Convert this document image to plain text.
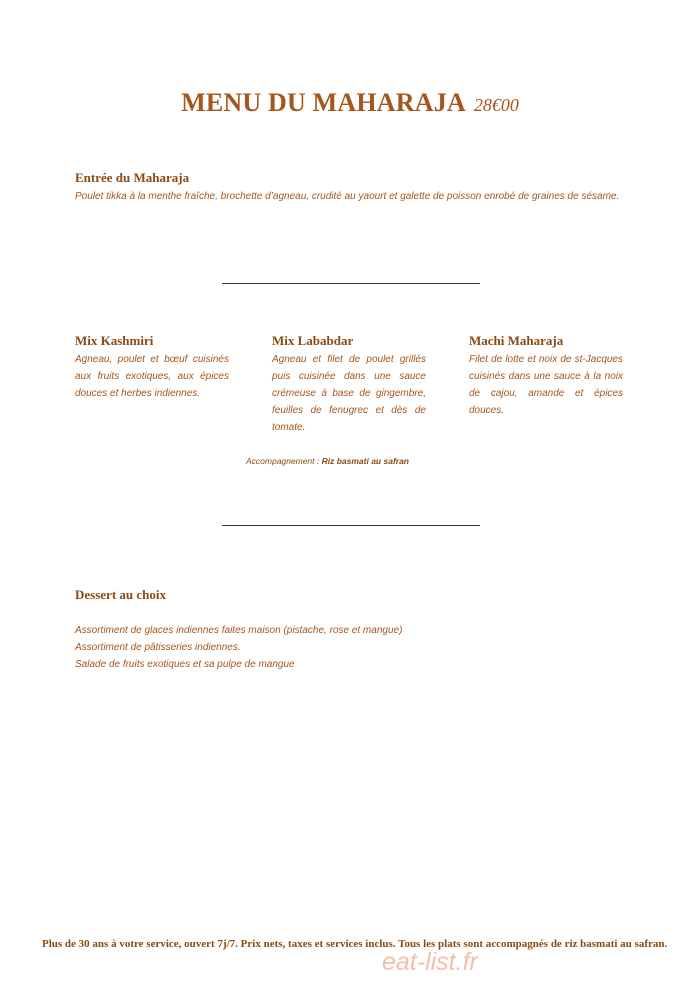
MENU DU MAHARAJA 28€00
Entrée du Maharaja
Poulet tikka à la menthe fraîche, brochette d’agneau, crudité au yaourt et galette de poisson enrobé de graines de sésame.
Mix Kashmiri
Agneau, poulet et bœuf cuisinés aux fruits exotiques, aux épices douces et herbes indiennes.
Mix Lababdar
Agneau et filet de poulet grillés puis cuisinée dans une sauce crémeuse à base de gingembre, feuilles de fenugrec et dès de tomate.
Machi Maharaja
Filet de lotte et noix de st-Jacques cuisinés dans une sauce à la noix de cajou, amande et épices douces.
Accompagnement : Riz basmati au safran
Dessert au choix
Assortiment de glaces indiennes faites maison (pistache, rose et mangue)
Assortiment de pâtisseries indiennes.
Salade de fruits exotiques et sa pulpe de mangue
Plus de 30 ans à votre service, ouvert 7j/7. Prix nets, taxes et services inclus. Tous les plats sont accompagnés de riz basmati au safran.
eat-list.fr
